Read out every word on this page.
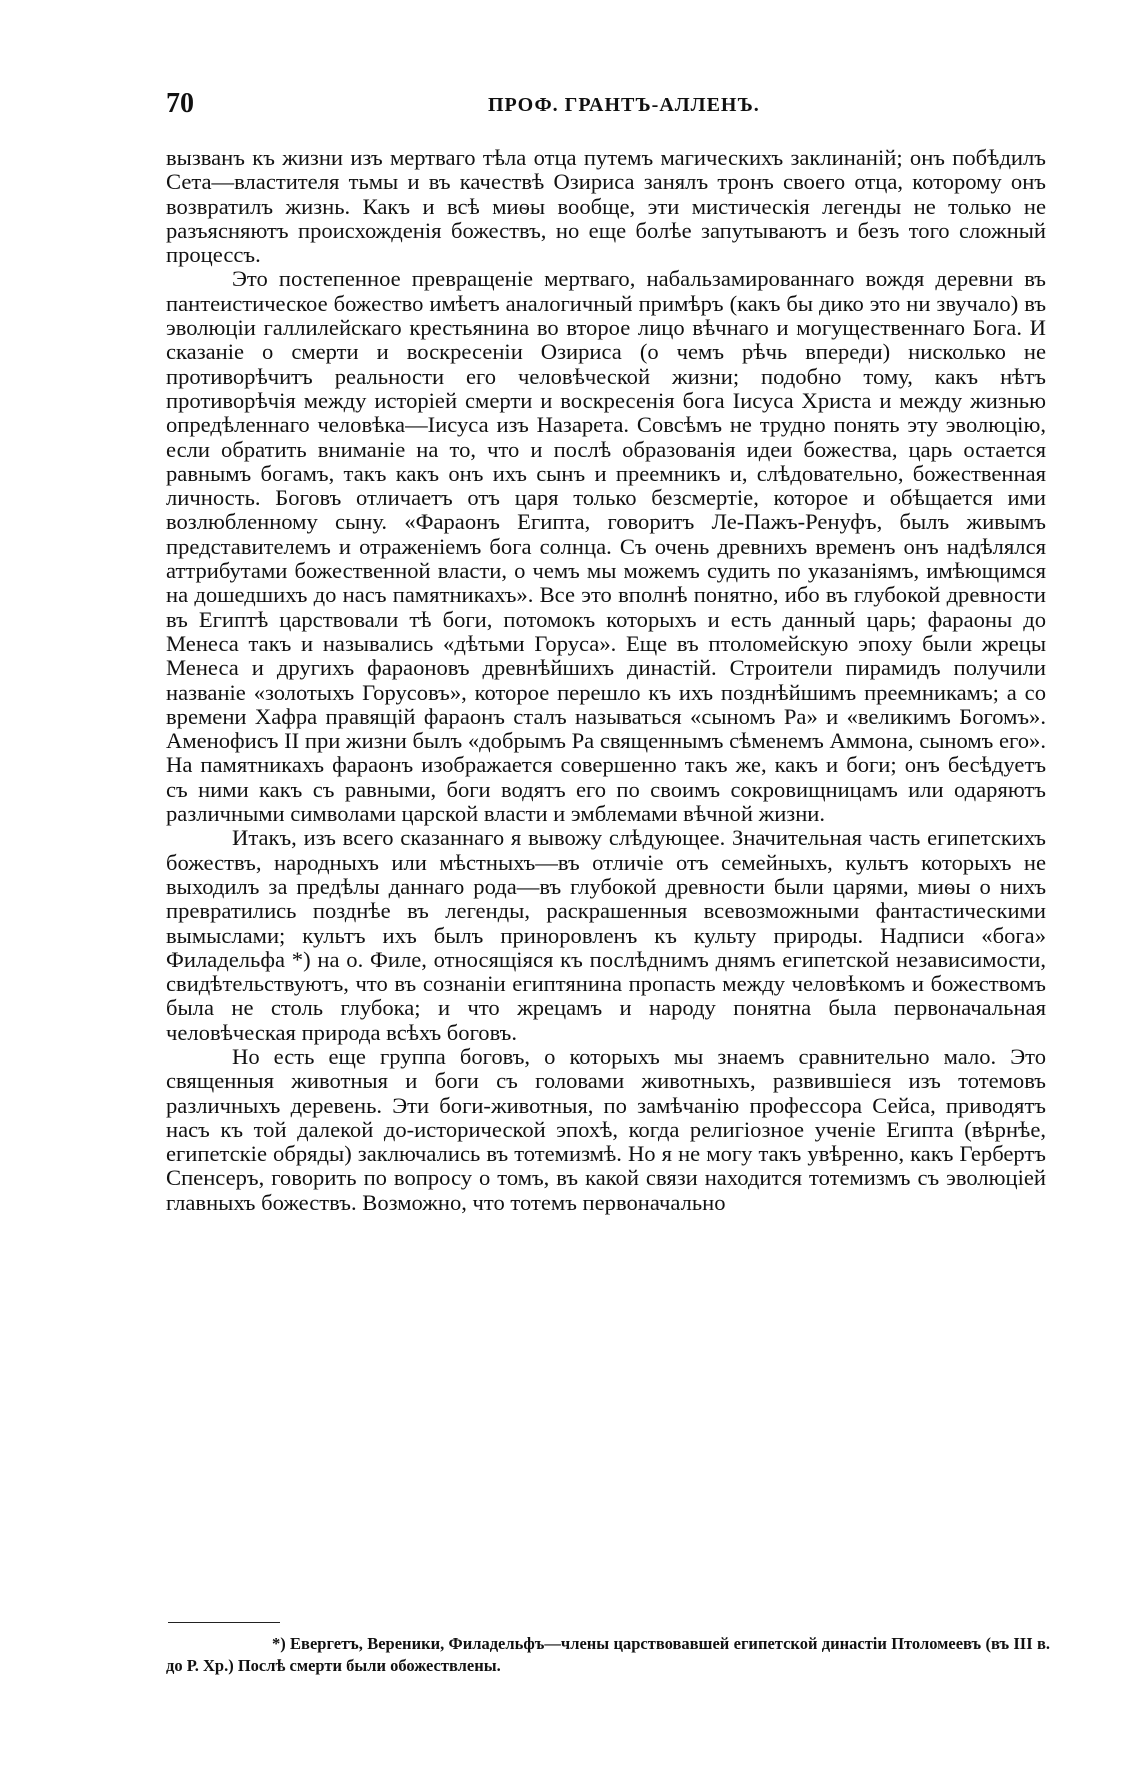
70	ПРОФ. ГРАНТЪ-АЛЛЕНЪ.

вызванъ къ жизни изъ мертваго тѣла отца путемъ магическихъ заклинаній; онъ побѣдилъ Сета—властителя тьмы и въ качествѣ Озириса занялъ тронъ своего отца, которому онъ возвратилъ жизнь. Какъ и всѣ миѳы вообще, эти мистическія легенды не только не разъясняютъ происхожденія божествъ, но еще болѣе запутываютъ и безъ того сложный процессъ.

Это постепенное превращеніе мертваго, набальзамированнаго вождя деревни въ пантеистическое божество имѣетъ аналогичный примѣръ (какъ бы дико это ни звучало) въ эволюціи галлилейскаго крестьянина во второе лицо вѣчнаго и могущественнаго Бога. И сказаніе о смерти и воскресеніи Озириса (о чемъ рѣчь впереди) нисколько не противорѣчитъ реальности его человѣческой жизни; подобно тому, какъ нѣтъ противорѣчія между исторіей смерти и воскресенія бога Іисуса Христа и между жизнью опредѣленнаго человѣка—Іисуса изъ Назарета. Совсѣмъ не трудно понять эту эволюцію, если обратить вниманіе на то, что и послѣ образованія идеи божества, царь остается равнымъ богамъ, такъ какъ онъ ихъ сынъ и преемникъ и, слѣдовательно, божественная личность. Боговъ отличаетъ отъ царя только безсмертіе, которое и обѣщается ими возлюбленному сыну. «Фараонъ Египта, говоритъ Ле-Пажъ-Ренуфъ, былъ живымъ представителемъ и отраженіемъ бога солнца. Съ очень древнихъ временъ онъ надѣлялся аттрибутами божественной власти, о чемъ мы можемъ судить по указаніямъ, имѣющимся на дошедшихъ до насъ памятникахъ». Все это вполнѣ понятно, ибо въ глубокой древности въ Египтѣ царствовали тѣ боги, потомокъ которыхъ и есть данный царь; фараоны до Менеса такъ и назывались «дѣтьми Горуса». Еще въ птоломейскую эпоху были жрецы Менеса и другихъ фараоновъ древнѣйшихъ династій. Строители пирамидъ получили названіе «золотыхъ Горусовъ», которое перешло къ ихъ позднѣйшимъ преемникамъ; а со времени Хафра правящій фараонъ сталъ называться «сыномъ Ра» и «великимъ Богомъ». Аменофисъ II при жизни былъ «добрымъ Ра священнымъ сѣменемъ Аммона, сыномъ его». На памятникахъ фараонъ изображается совершенно такъ же, какъ и боги; онъ бесѣдуетъ съ ними какъ съ равными, боги водятъ его по своимъ сокровищницамъ или одаряютъ различными символами царской власти и эмблемами вѣчной жизни.

Итакъ, изъ всего сказаннаго я вывожу слѣдующее. Значительная часть египетскихъ божествъ, народныхъ или мѣстныхъ—въ отличіе отъ семейныхъ, культъ которыхъ не выходилъ за предѣлы даннаго рода—въ глубокой древности были царями, миѳы о нихъ превратились позднѣе въ легенды, раскрашенныя всевозможными фантастическими вымыслами; культъ ихъ былъ приноровленъ къ культу природы. Надписи «бога» Филадельфа *) на о. Филе, относящіяся къ послѣднимъ днямъ египетской независимости, свидѣтельствуютъ, что въ сознаніи египтянина пропасть между человѣкомъ и божествомъ была не столь глубока; и что жрецамъ и народу понятна была первоначальная человѣческая природа всѣхъ боговъ.

Но есть еще группа боговъ, о которыхъ мы знаемъ сравнительно мало. Это священныя животныя и боги съ головами животныхъ, развившіеся изъ тотемовъ различныхъ деревень. Эти боги-животныя, по замѣчанію профессора Сейса, приводятъ насъ къ той далекой до-исторической эпохѣ, когда религіозное ученіе Египта (вѣрнѣе, египетскіе обряды) заключались въ тотемизмѣ. Но я не могу такъ увѣренно, какъ Гербертъ Спенсеръ, говорить по вопросу о томъ, въ какой связи находится тотемизмъ съ эволюціей главныхъ божествъ. Возможно, что тотемъ первоначально

*) Евергетъ, Вереники, Филадельфъ—члены царствовавшей египетской династіи Птоломеевъ (въ III в. до Р. Хр.) Послѣ смерти были обожествлены.
